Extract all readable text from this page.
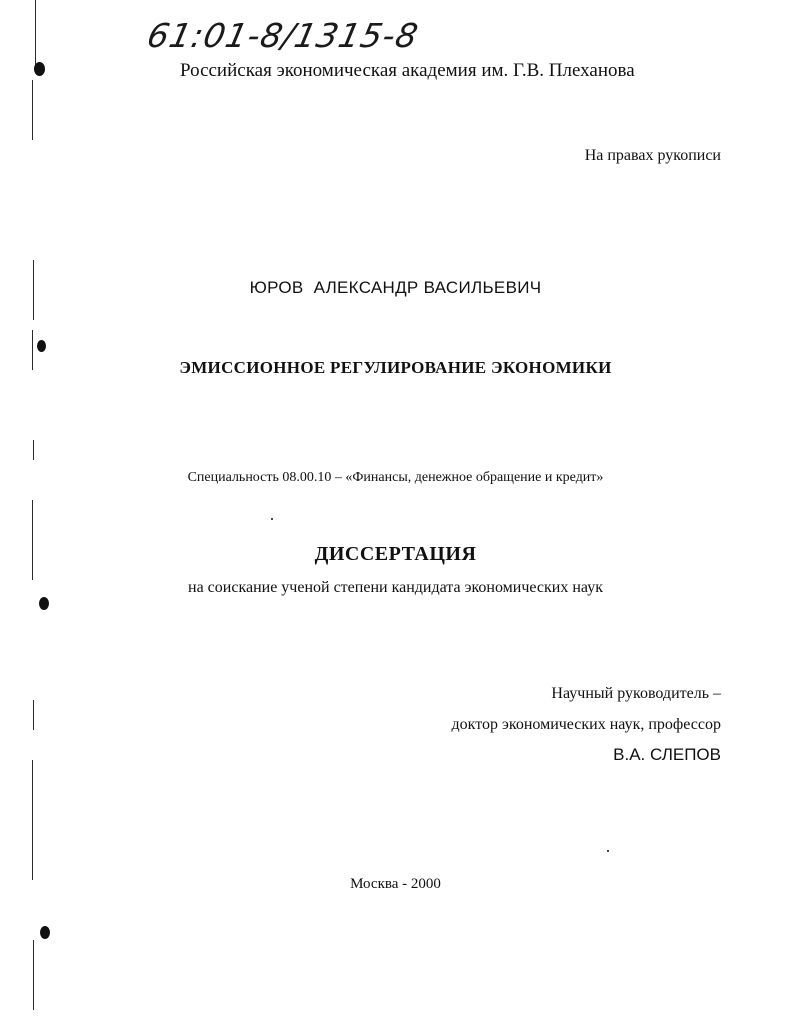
61:01-8/1315-8
Российская экономическая академия им. Г.В. Плеханова
На правах рукописи
ЮРОВ  АЛЕКСАНДР ВАСИЛЬЕВИЧ
ЭМИССИОННОЕ РЕГУЛИРОВАНИЕ ЭКОНОМИКИ
Специальность 08.00.10 – «Финансы, денежное обращение и кредит»
ДИССЕРТАЦИЯ
на соискание ученой степени кандидата экономических наук
Научный руководитель –
доктор экономических наук, профессор
В.А. СЛЕПОВ
Москва - 2000
